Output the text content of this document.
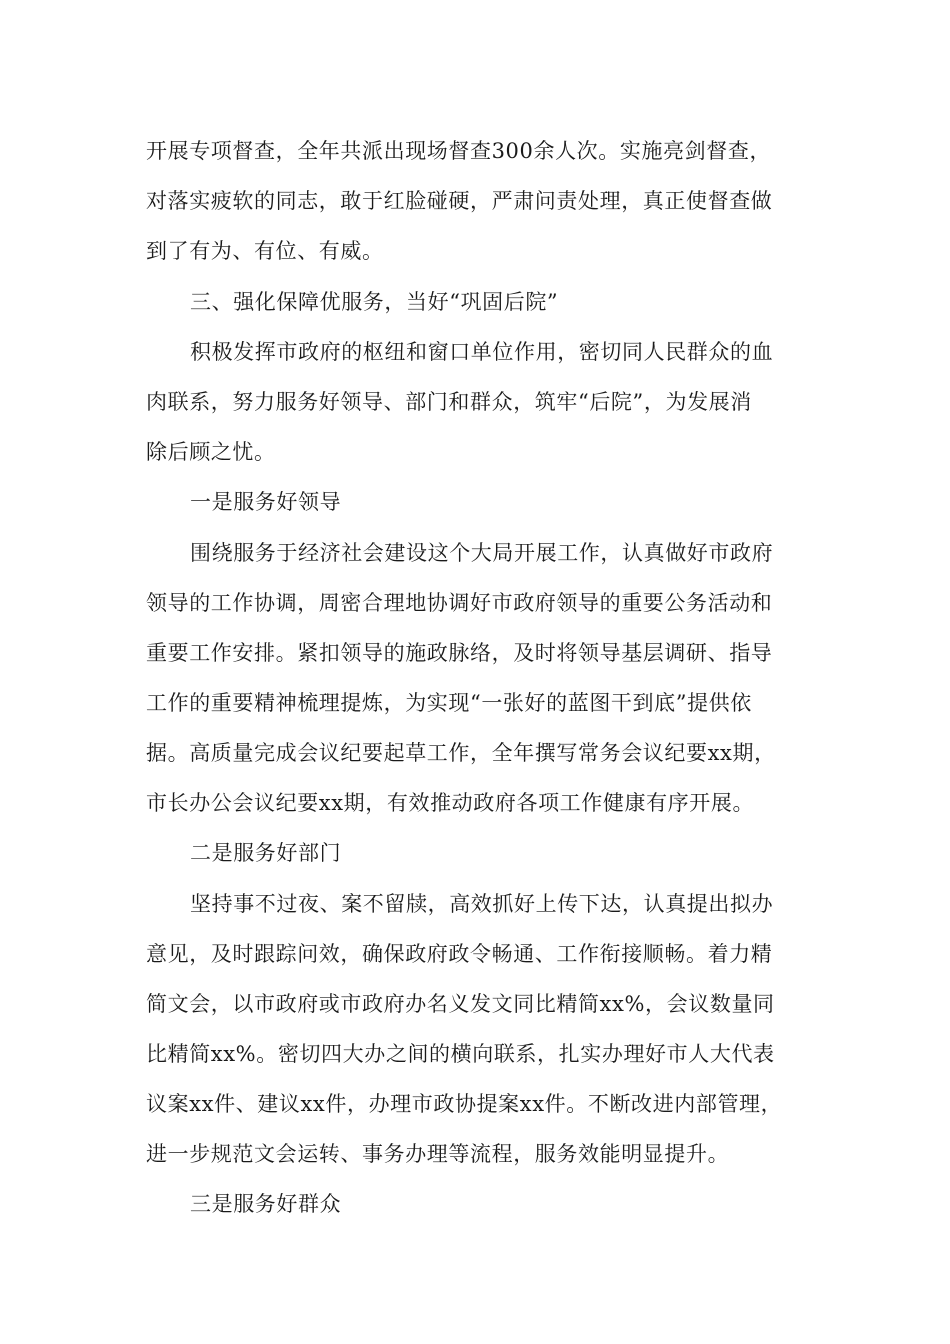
开展专项督查，全年共派出现场督查300余人次。实施亮剑督查，
对落实疲软的同志，敢于红脸碰硬，严肃问责处理，真正使督查做
到了有为、有位、有威。
三、强化保障优服务，当好“巩固后院”
积极发挥市政府的枢纽和窗口单位作用，密切同人民群众的血
肉联系，努力服务好领导、部门和群众，筑牢“后院”，为发展消
除后顾之忧。
一是服务好领导
围绕服务于经济社会建设这个大局开展工作，认真做好市政府
领导的工作协调，周密合理地协调好市政府领导的重要公务活动和
重要工作安排。紧扣领导的施政脉络，及时将领导基层调研、指导
工作的重要精神梳理提炼，为实现“一张好的蓝图干到底”提供依
据。高质量完成会议纪要起草工作，全年撰写常务会议纪要xx期，
市长办公会议纪要xx期，有效推动政府各项工作健康有序开展。
二是服务好部门
坚持事不过夜、案不留牍，高效抓好上传下达，认真提出拟办
意见，及时跟踪问效，确保政府政令畅通、工作衔接顺畅。着力精
简文会，以市政府或市政府办名义发文同比精简xx%，会议数量同
比精简xx%。密切四大办之间的横向联系，扎实办理好市人大代表
议案xx件、建议xx件，办理市政协提案xx件。不断改进内部管理，
进一步规范文会运转、事务办理等流程，服务效能明显提升。
三是服务好群众
